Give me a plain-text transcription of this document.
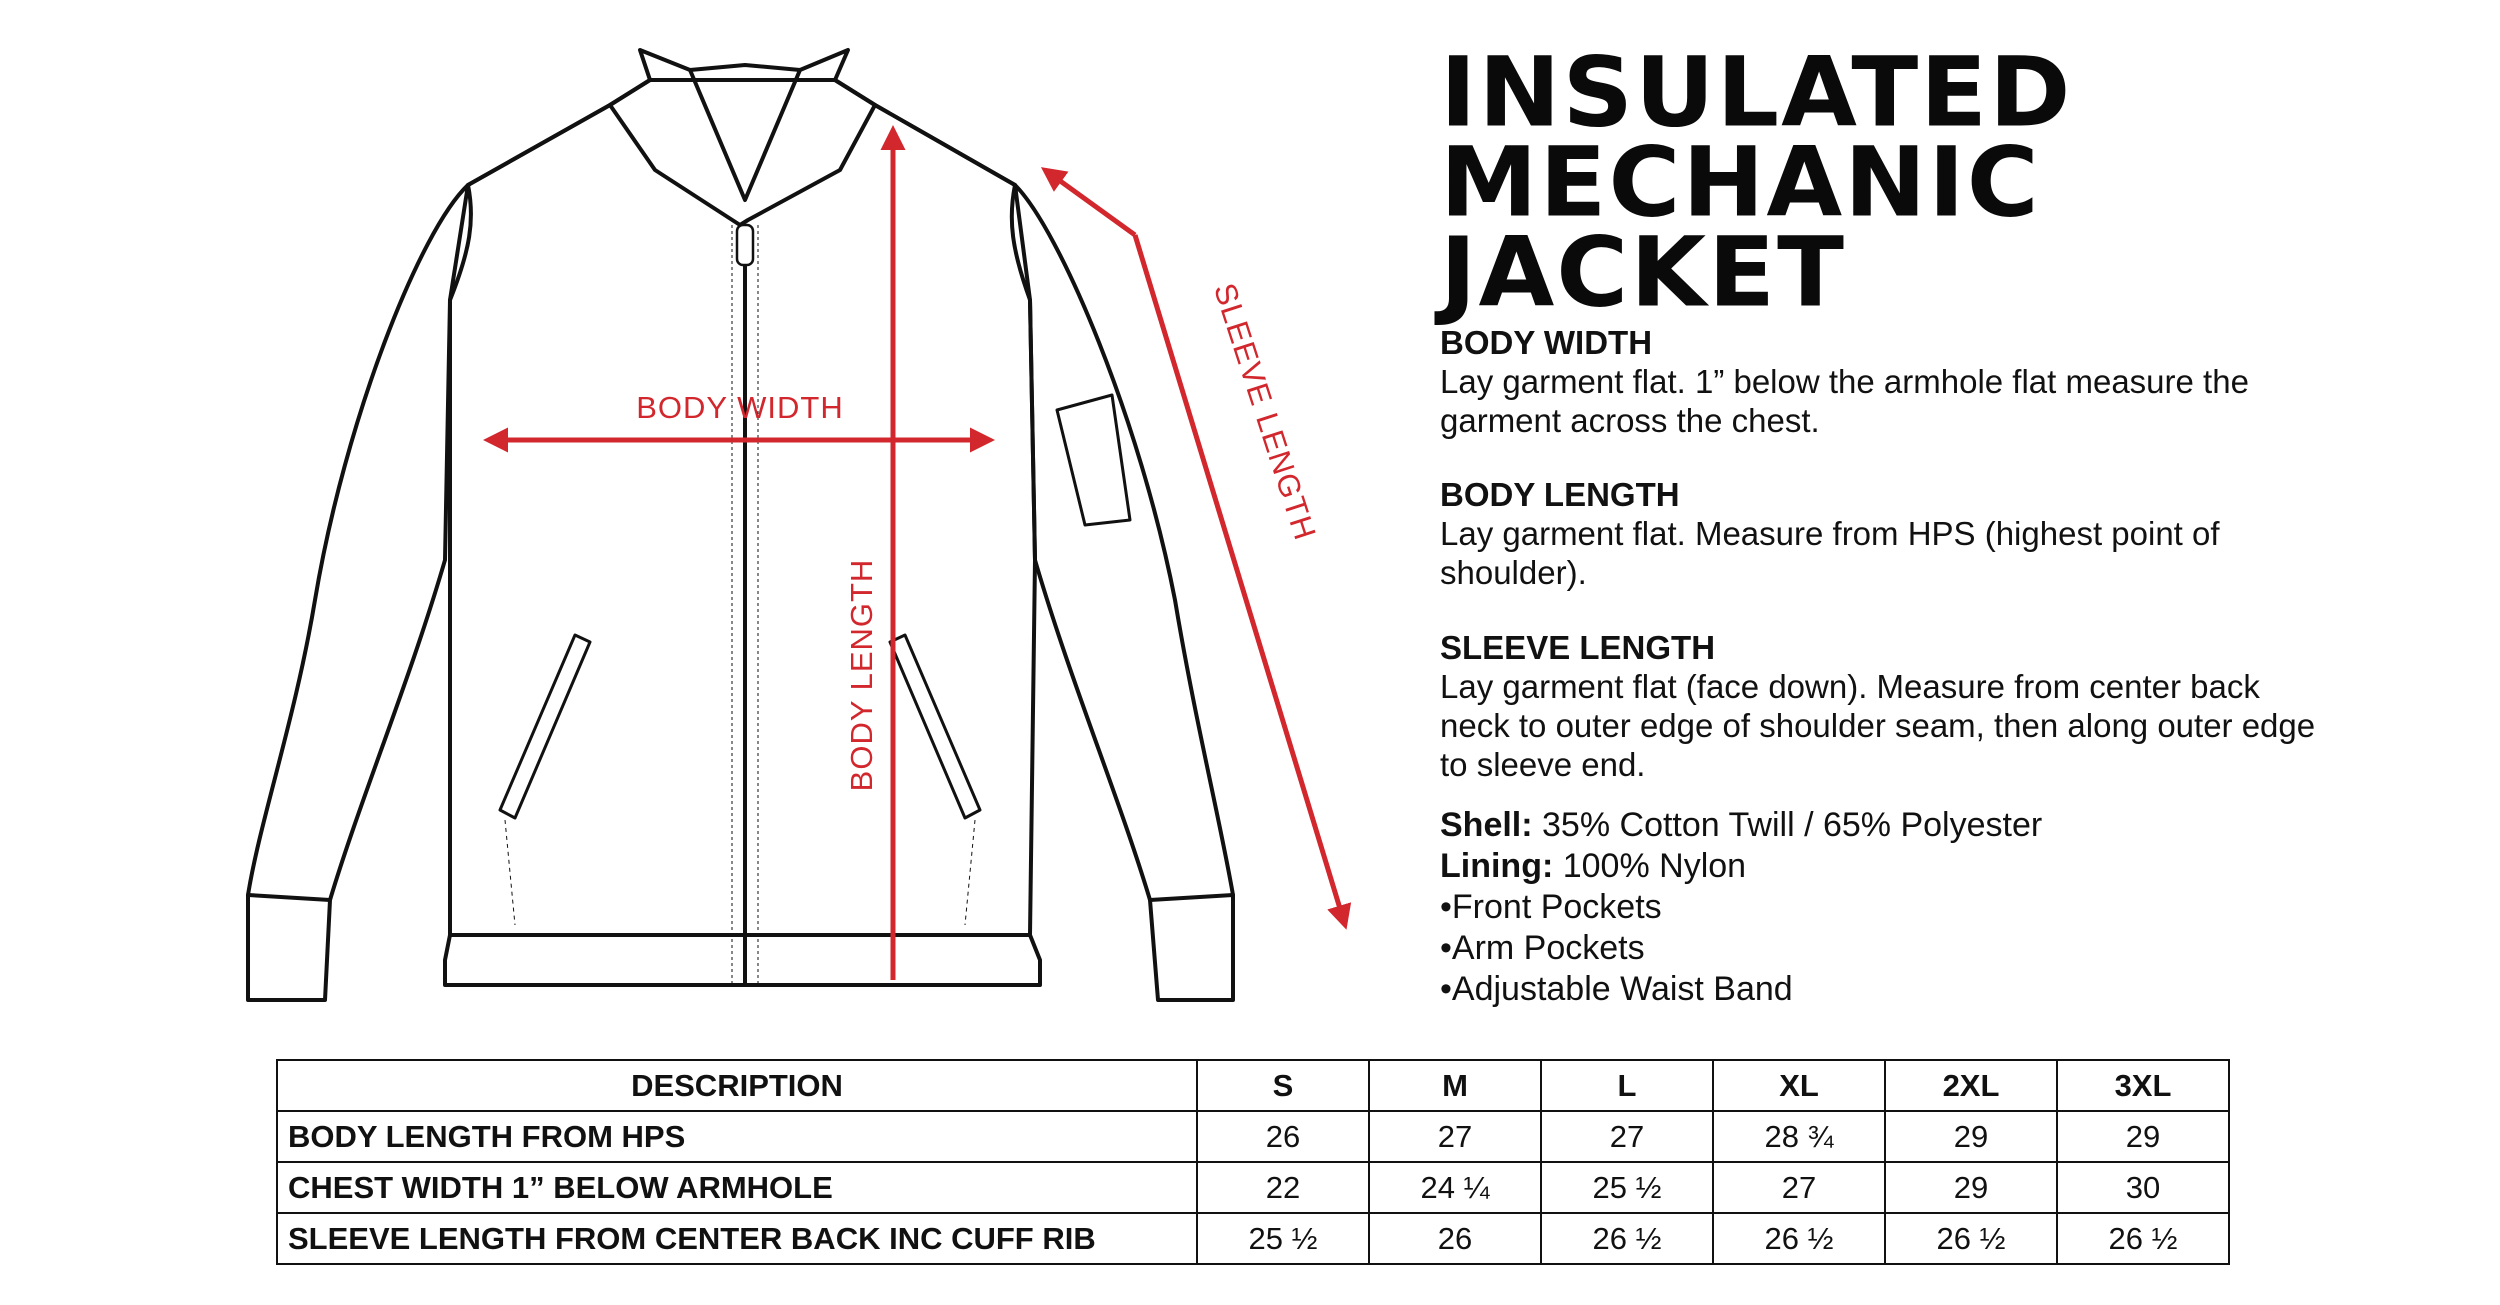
BODY WIDTH
BODY LENGTH
SLEEVE LENGTH
INSULATED
MECHANIC
JACKET
BODY WIDTH

Lay garment flat. 1” below the armhole flat measure the garment across the chest.

BODY LENGTH

Lay garment flat. Measure from HPS (highest point of shoulder).

SLEEVE LENGTH

Lay garment flat (face down). Measure from center back neck to outer edge of shoulder seam, then along outer edge to sleeve end.

Shell: 35% Cotton Twill / 65% Polyester
Lining: 100% Nylon
•Front Pockets
•Arm Pockets
•Adjustable Waist Band
DESCRIPTION	S	M	L	XL	2XL	3XL
BODY LENGTH FROM HPS	26	27	27	28 ¾	29	29
CHEST WIDTH 1” BELOW ARMHOLE	22	24 ¼	25 ½	27	29	30
SLEEVE LENGTH FROM CENTER BACK INC CUFF RIB	25 ½	26	26 ½	26 ½	26 ½	26 ½
